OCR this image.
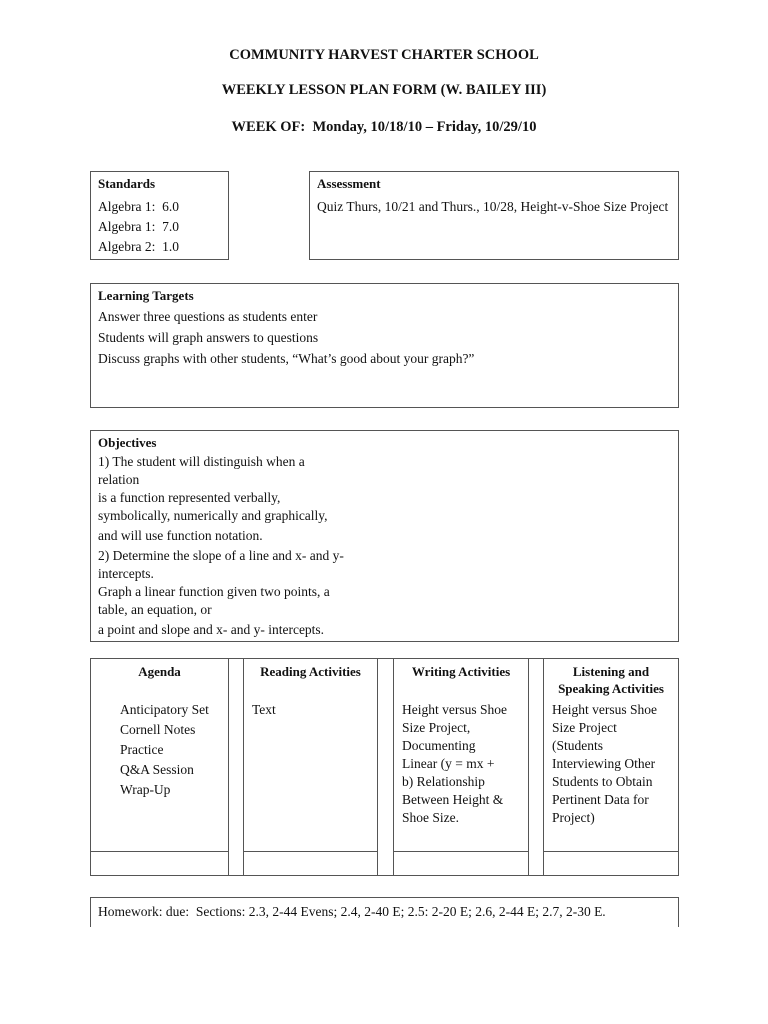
COMMUNITY HARVEST CHARTER SCHOOL
WEEKLY LESSON PLAN FORM (W. BAILEY III)
WEEK OF: Monday, 10/18/10 – Friday, 10/29/10
Standards
Algebra 1:  6.0
Algebra 1:  7.0
Algebra 2:  1.0
Assessment
Quiz Thurs, 10/21 and Thurs., 10/28, Height-v-Shoe Size Project
Learning Targets
Answer three questions as students enter
Students will graph answers to questions
Discuss graphs with other students, “What’s good about your graph?”
Objectives
1) The student will distinguish when a
relation
is a function represented verbally,
symbolically, numerically and graphically,
and will use function notation.
2) Determine the slope of a line and x- and y-
intercepts.
Graph a linear function given two points, a
table, an equation, or
a point and slope and x- and y- intercepts.
Agenda
Anticipatory Set
Cornell Notes
Practice
Q&A Session
Wrap-Up
Reading Activities
Text
Writing Activities
Height versus Shoe
Size Project,
Documenting
Linear (y = mx +
b) Relationship
Between Height &
Shoe Size.
Listening and
Speaking Activities
Height versus Shoe
Size Project
(Students
Interviewing Other
Students to Obtain
Pertinent Data for
Project)
Homework: due:  Sections: 2.3, 2-44 Evens; 2.4, 2-40 E; 2.5: 2-20 E; 2.6, 2-44 E; 2.7, 2-30 E.
